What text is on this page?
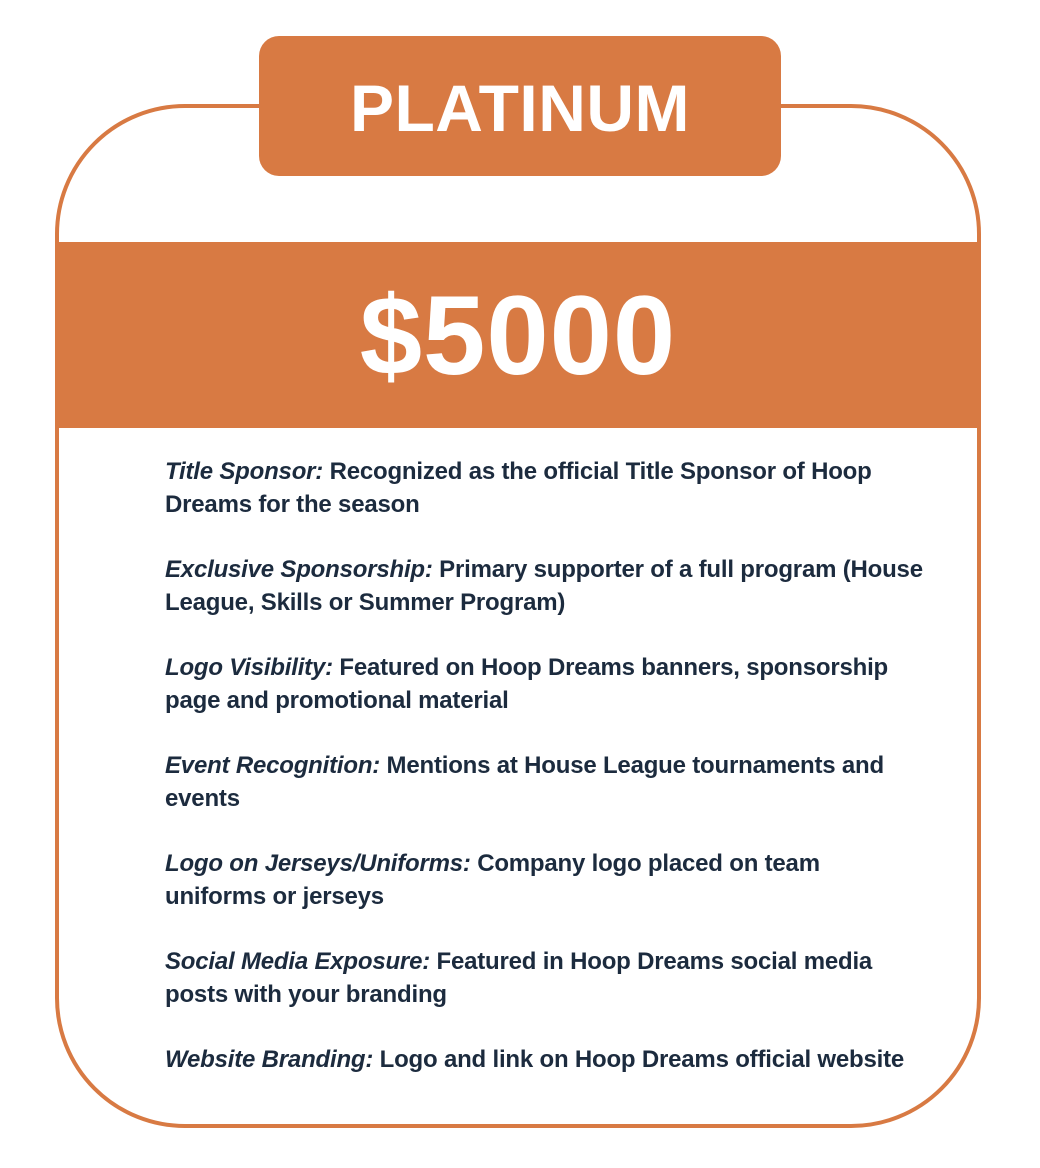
$5000
PLATINUM
Title Sponsor: Recognized as the official Title Sponsor of Hoop Dreams for the season
Exclusive Sponsorship: Primary supporter of a full program (House League, Skills or Summer Program)
Logo Visibility: Featured on Hoop Dreams banners, sponsorship page and promotional material
Event Recognition: Mentions at House League tournaments and events
Logo on Jerseys/Uniforms: Company logo placed on team uniforms or jerseys
Social Media Exposure: Featured in Hoop Dreams social media posts with your branding
Website Branding: Logo and link on Hoop Dreams official website
